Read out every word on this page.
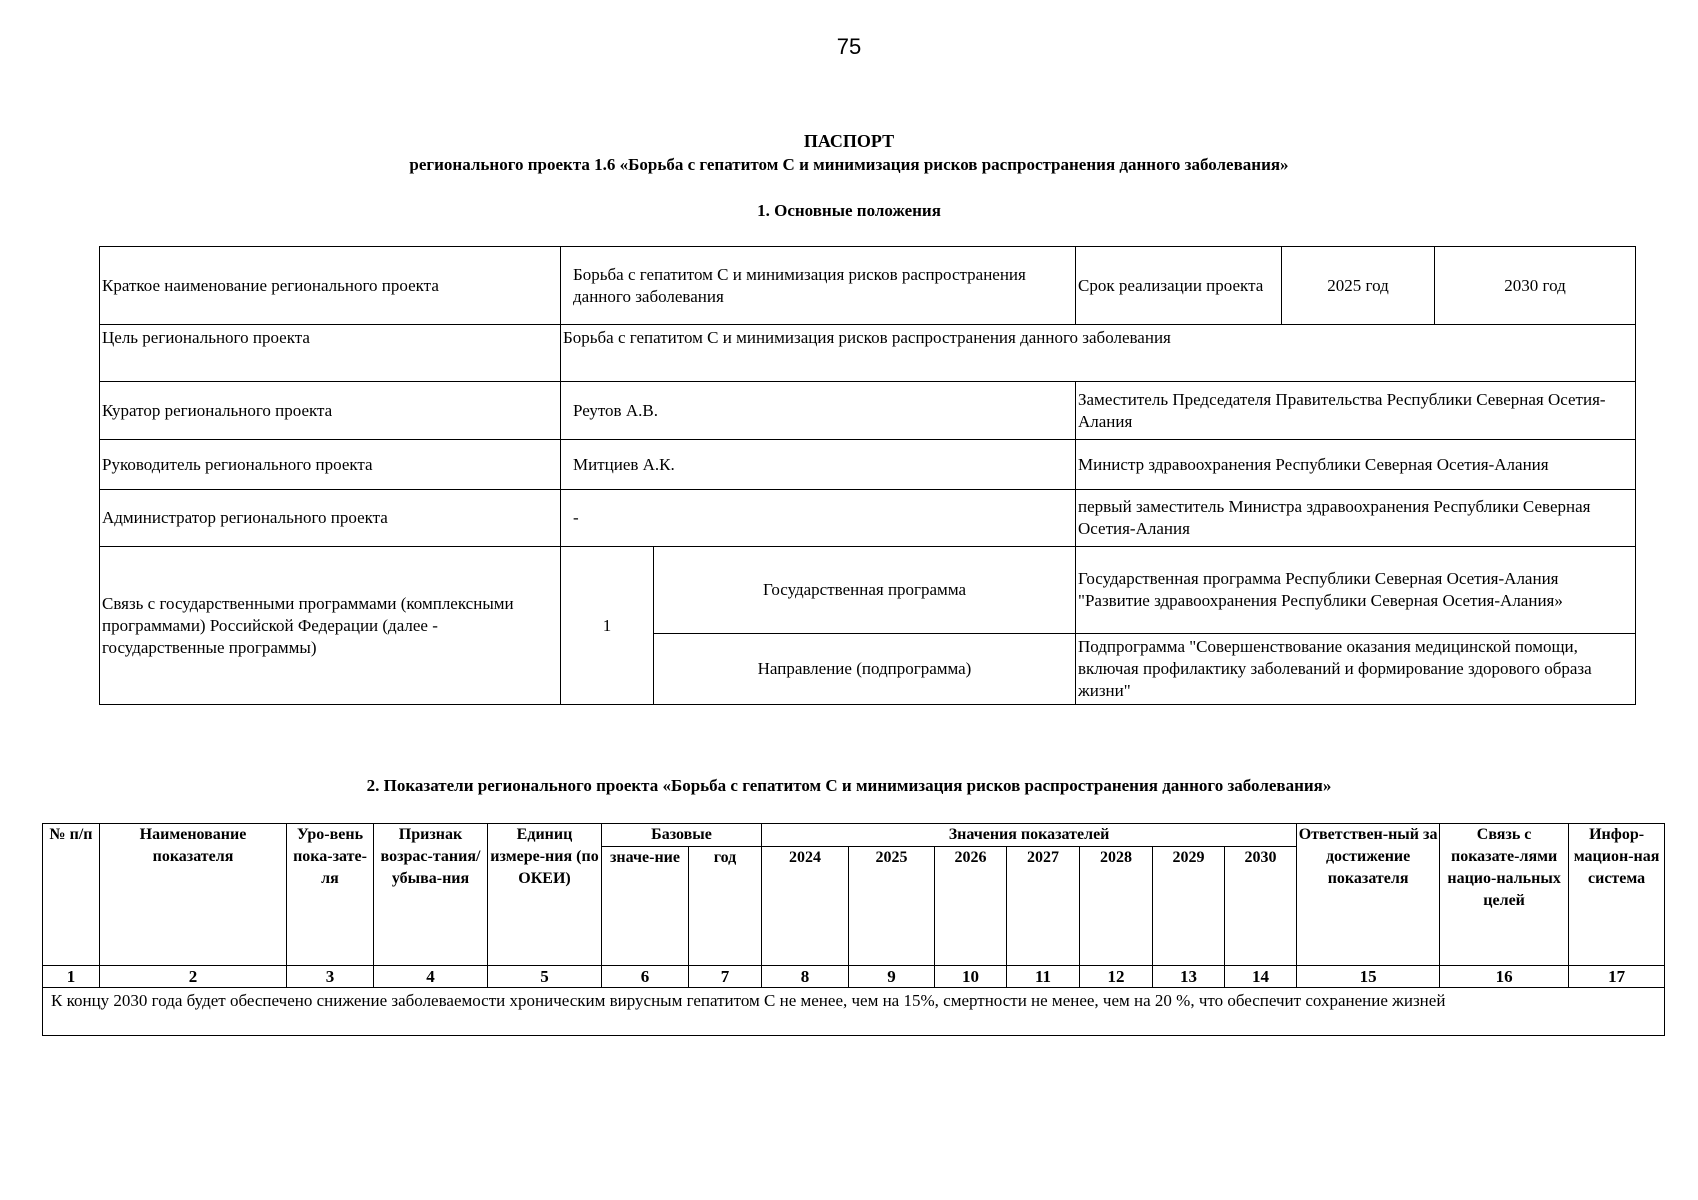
75
ПАСПОРТ
регионального проекта 1.6 «Борьба с гепатитом С и минимизация рисков распространения данного заболевания»
1. Основные положения
Краткое наименование регионального проекта	Борьба с гепатитом С и минимизация рисков распространения данного заболевания		Срок реализации проекта	2025 год	2030 год
Цель регионального проекта	Борьба с гепатитом С и минимизация рисков распространения данного заболевания				
Куратор регионального проекта	Реутов А.В.		Заместитель Председателя Правительства Республики Северная Осетия-Алания		
Руководитель регионального проекта	Митциев А.К.		Министр здравоохранения Республики Северная Осетия-Алания		
Администратор регионального проекта	-		первый заместитель Министра здравоохранения Республики Северная Осетия-Алания		
Связь с государственными программами (комплексными программами) Российской Федерации (далее - государственные программы)	1	Государственная программа	Государственная программа Республики Северная Осетия-Алания "Развитие здравоохранения Республики Северная Осетия-Алания»		
		Направление (подпрограмма)	Подпрограмма "Совершенствование оказания медицинской помощи, включая профилактику заболеваний и формирование здорового образа жизни"		
2. Показатели регионального проекта «Борьба с гепатитом С и минимизация рисков распространения данного заболевания»
№ п/п	Наименование показателя	Уро-вень пока-зате-ля	Признак возрас-тания/ убыва-ния	Единиц измере-ния (по ОКЕИ)	Базовые		Значения показателей							Ответствен-ный за достижение показателя	Связь с показате-лями нацио-нальных целей	Инфор-мацион-ная система
					значе-ние	год	2024	2025	2026	2027	2028	2029	2030			
1	2	3	4	5	6	7	8	9	10	11	12	13	14	15	16	17
К концу 2030 года будет обеспечено снижение заболеваемости хроническим вирусным гепатитом С не менее, чем на 15%, смертности не менее, чем на 20 %, что обеспечит сохранение жизней																
